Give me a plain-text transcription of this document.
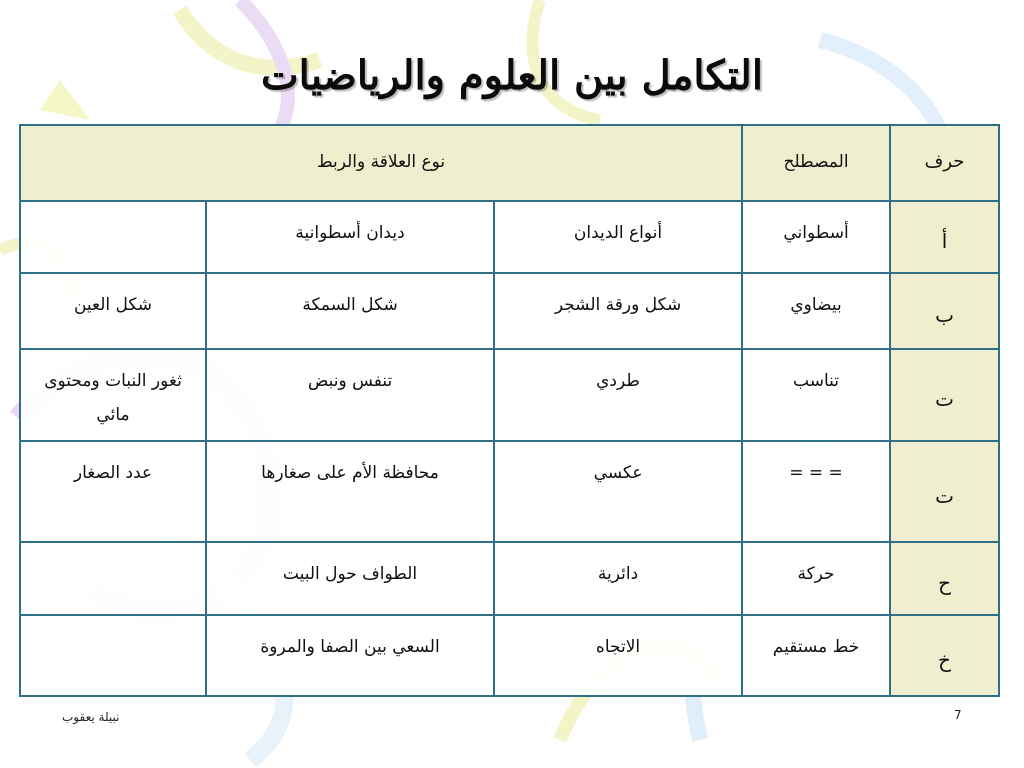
التكامل بين العلوم والرياضيات
حرف	المصطلح	نوع العلاقة والربط		
أ	أسطواني	أنواع الديدان	ديدان أسطوانية	
ب	بيضاوي	شكل ورقة الشجر	شكل السمكة	شكل العين
ت	تناسب	طردي	تنفس ونبض	ثغور النبات ومحتوى مائي
ت	= = =	عكسي	محافظة الأم على صغارها	عدد الصغار
ح	حركة	دائرية	الطواف حول البيت	
خ	خط مستقيم	الاتجاه	السعي بين الصفا والمروة	
نبيلة يعقوب	7
